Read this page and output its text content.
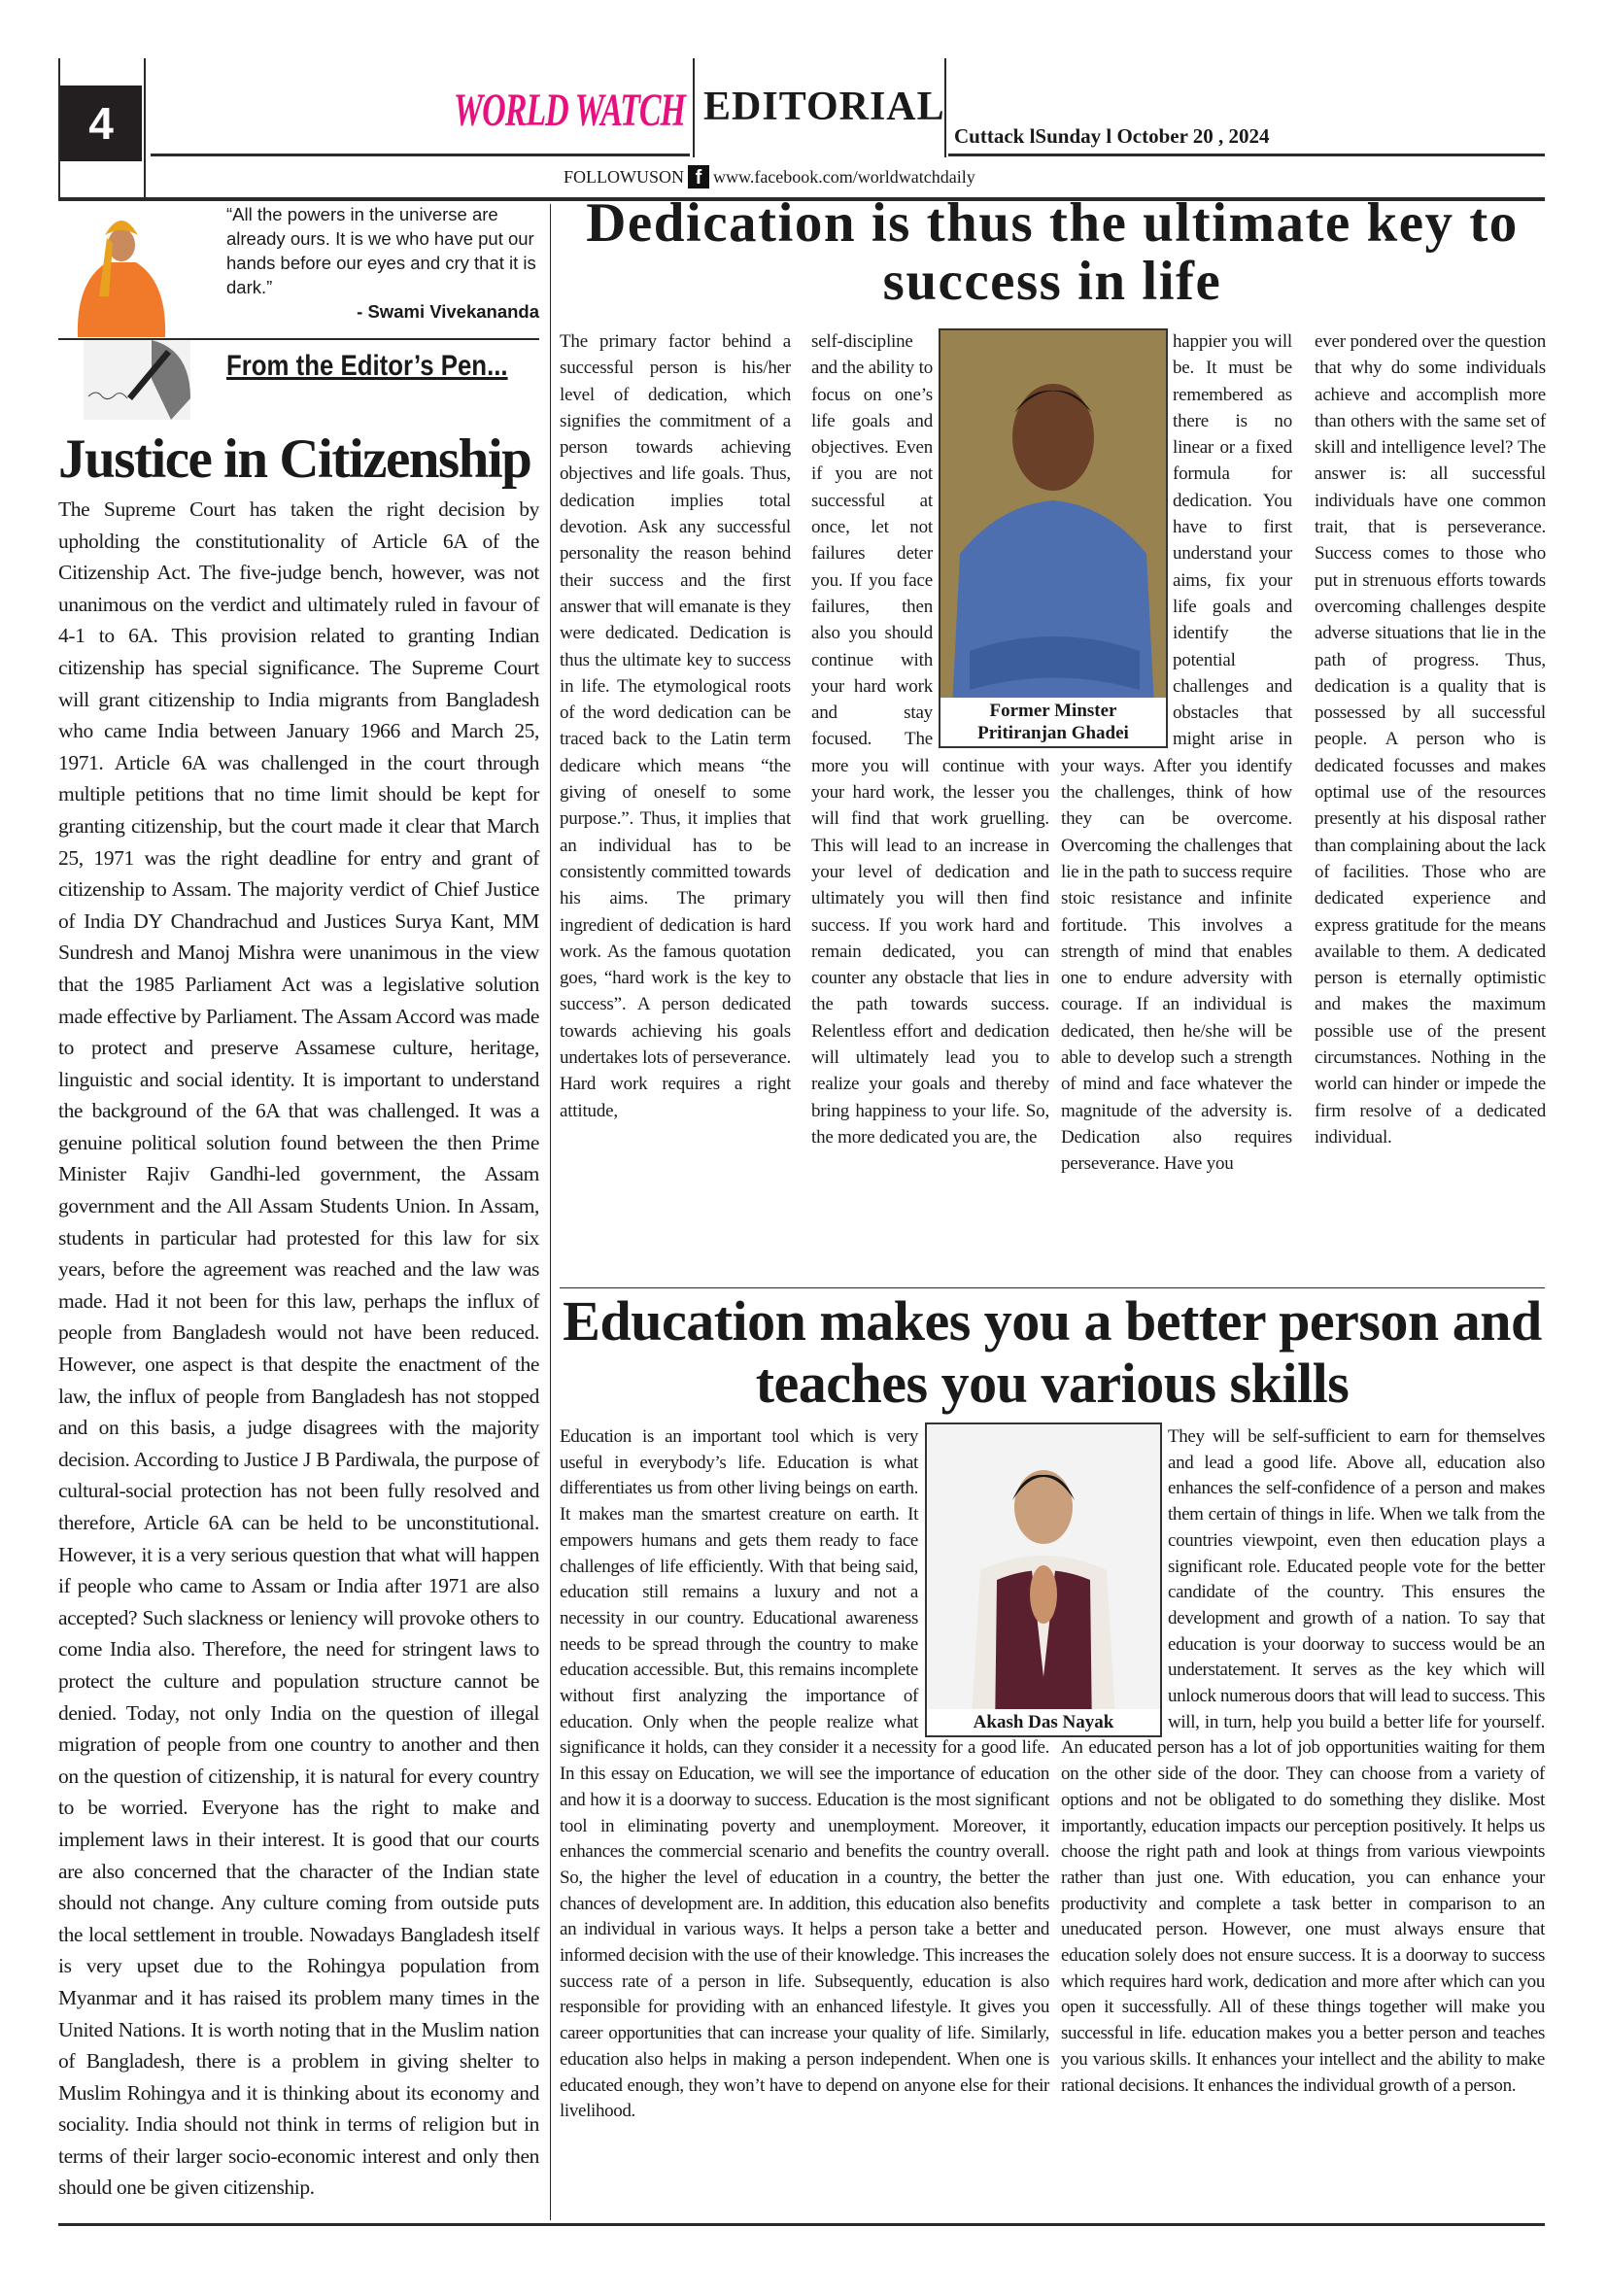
4	WORLD WATCH EDITORIAL
Cuttack lSunday l October 20 , 2024
FOLLOWUSON f www.facebook.com/worldwatchdaily
“All the powers in the universe are already ours. It is we who have put our hands before our eyes and cry that it is dark.”
- Swami Vivekananda
From the Editor’s Pen...
Justice in Citizenship
The Supreme Court has taken the right decision by upholding the constitutionality of Article 6A of the Citizenship Act. The five-judge bench, however, was not unanimous on the verdict and ultimately ruled in favour of 4-1 to 6A. This provision related to granting Indian citizenship has special significance. The Supreme Court will grant citizenship to India migrants from Bangladesh who came India between January 1966 and March 25, 1971. Article 6A was challenged in the court through multiple petitions that no time limit should be kept for granting citizenship, but the court made it clear that March 25, 1971 was the right deadline for entry and grant of citizenship to Assam. The majority verdict of Chief Justice of India DY Chandrachud and Justices Surya Kant, MM Sundresh and Manoj Mishra were unanimous in the view that the 1985 Parliament Act was a legislative solution made effective by Parliament. The Assam Accord was made to protect and preserve Assamese culture, heritage, linguistic and social identity. It is important to understand the background of the 6A that was challenged. It was a genuine political solution found between the then Prime Minister Rajiv Gandhi-led government, the Assam government and the All Assam Students Union. In Assam, students in particular had protested for this law for six years, before the agreement was reached and the law was made. Had it not been for this law, perhaps the influx of people from Bangladesh would not have been reduced. However, one aspect is that despite the enactment of the law, the influx of people from Bangladesh has not stopped and on this basis, a judge disagrees with the majority decision. According to Justice J B Pardiwala, the purpose of cultural-social protection has not been fully resolved and therefore, Article 6A can be held to be unconstitutional. However, it is a very serious question that what will happen if people who came to Assam or India after 1971 are also accepted? Such slackness or leniency will provoke others to come India also. Therefore, the need for stringent laws to protect the culture and population structure cannot be denied. Today, not only India on the question of illegal migration of people from one country to another and then on the question of citizenship, it is natural for every country to be worried. Everyone has the right to make and implement laws in their interest. It is good that our courts are also concerned that the character of the Indian state should not change. Any culture coming from outside puts the local settlement in trouble. Nowadays Bangladesh itself is very upset due to the Rohingya population from Myanmar and it has raised its problem many times in the United Nations. It is worth noting that in the Muslim nation of Bangladesh, there is a problem in giving shelter to Muslim Rohingya and it is thinking about its economy and sociality. India should not think in terms of religion but in terms of their larger socio-economic interest and only then should one be given citizenship.
Dedication is thus the ultimate key to success in life
The primary factor behind a successful person is his/her level of dedication, which signifies the commitment of a person towards achieving objectives and life goals. Thus, dedication implies total devotion. Ask any successful personality the reason behind their success and the first answer that will emanate is they were dedicated. Dedication is thus the ultimate key to success in life. The etymological roots of the word dedication can be traced back to the Latin term dedicare which means “the giving of oneself to some purpose.”. Thus, it implies that an individual has to be consistently committed towards his aims. The primary ingredient of dedication is hard work. As the famous quotation goes, “hard work is the key to success”. A person dedicated towards achieving his goals undertakes lots of perseverance. Hard work requires a right attitude,
self-discipline and the ability to focus on one’s life goals and objectives. Even if you are not successful at once, let not failures deter you. If you face failures, then also you should continue with your hard work and stay focused. The more you will continue with your hard work, the lesser you will find that work gruelling. This will lead to an increase in your level of dedication and ultimately you will then find success. If you work hard and remain dedicated, you can counter any obstacle that lies in the path towards success. Relentless effort and dedication will ultimately lead you to realize your goals and thereby bring happiness to your life. So, the more dedicated you are, the
happier you will be. It must be remembered as there is no linear or a fixed formula for dedication. You have to first understand your aims, fix your life goals and identify the potential challenges and obstacles that might arise in your ways. After you identify the challenges, think of how they can be overcome. Overcoming the challenges that lie in the path to success require stoic resistance and infinite fortitude. This involves a strength of mind that enables one to endure adversity with courage. If an individual is dedicated, then he/she will be able to develop such a strength of mind and face whatever the magnitude of the adversity is. Dedication also requires perseverance. Have you
ever pondered over the question that why do some individuals achieve and accomplish more than others with the same set of skill and intelligence level? The answer is: all successful individuals have one common trait, that is perseverance. Success comes to those who put in strenuous efforts towards overcoming challenges despite adverse situations that lie in the path of progress. Thus, dedication is a quality that is possessed by all successful people. A person who is dedicated focusses and makes optimal use of the resources presently at his disposal rather than complaining about the lack of facilities. Those who are dedicated experience and express gratitude for the means available to them. A dedicated person is eternally optimistic and makes the maximum possible use of the present circumstances. Nothing in the world can hinder or impede the firm resolve of a dedicated individual.
Former Minster
Pritiranjan Ghadei
Education makes you a better person and teaches you various skills
Education is an important tool which is very useful in everybody’s life. Education is what differentiates us from other living beings on earth. It makes man the smartest creature on earth. It empowers humans and gets them ready to face challenges of life efficiently. With that being said, education still remains a luxury and not a necessity in our country. Educational awareness needs to be spread through the country to make education accessible. But, this remains incomplete without first analyzing the importance of education. Only when the people realize what significance it holds, can they consider it a necessity for a good life. In this essay on Education, we will see the importance of education and how it is a doorway to success. Education is the most significant tool in eliminating poverty and unemployment. Moreover, it enhances the commercial scenario and benefits the country overall. So, the higher the level of education in a country, the better the chances of development are. In addition, this education also benefits an individual in various ways. It helps a person take a better and informed decision with the use of their knowledge. This increases the success rate of a person in life. Subsequently, education is also responsible for providing with an enhanced lifestyle. It gives you career opportunities that can increase your quality of life. Similarly, education also helps in making a person independent. When one is educated enough, they won’t have to depend on anyone else for their livelihood.
They will be self-sufficient to earn for themselves and lead a good life. Above all, education also enhances the self-confidence of a person and makes them certain of things in life. When we talk from the countries viewpoint, even then education plays a significant role. Educated people vote for the better candidate of the country. This ensures the development and growth of a nation. To say that education is your doorway to success would be an understatement. It serves as the key which will unlock numerous doors that will lead to success. This will, in turn, help you build a better life for yourself. An educated person has a lot of job opportunities waiting for them on the other side of the door. They can choose from a variety of options and not be obligated to do something they dislike. Most importantly, education impacts our perception positively. It helps us choose the right path and look at things from various viewpoints rather than just one. With education, you can enhance your productivity and complete a task better in comparison to an uneducated person. However, one must always ensure that education solely does not ensure success. It is a doorway to success which requires hard work, dedication and more after which can you open it successfully. All of these things together will make you successful in life. education makes you a better person and teaches you various skills. It enhances your intellect and the ability to make rational decisions. It enhances the individual growth of a person.
Akash Das Nayak
